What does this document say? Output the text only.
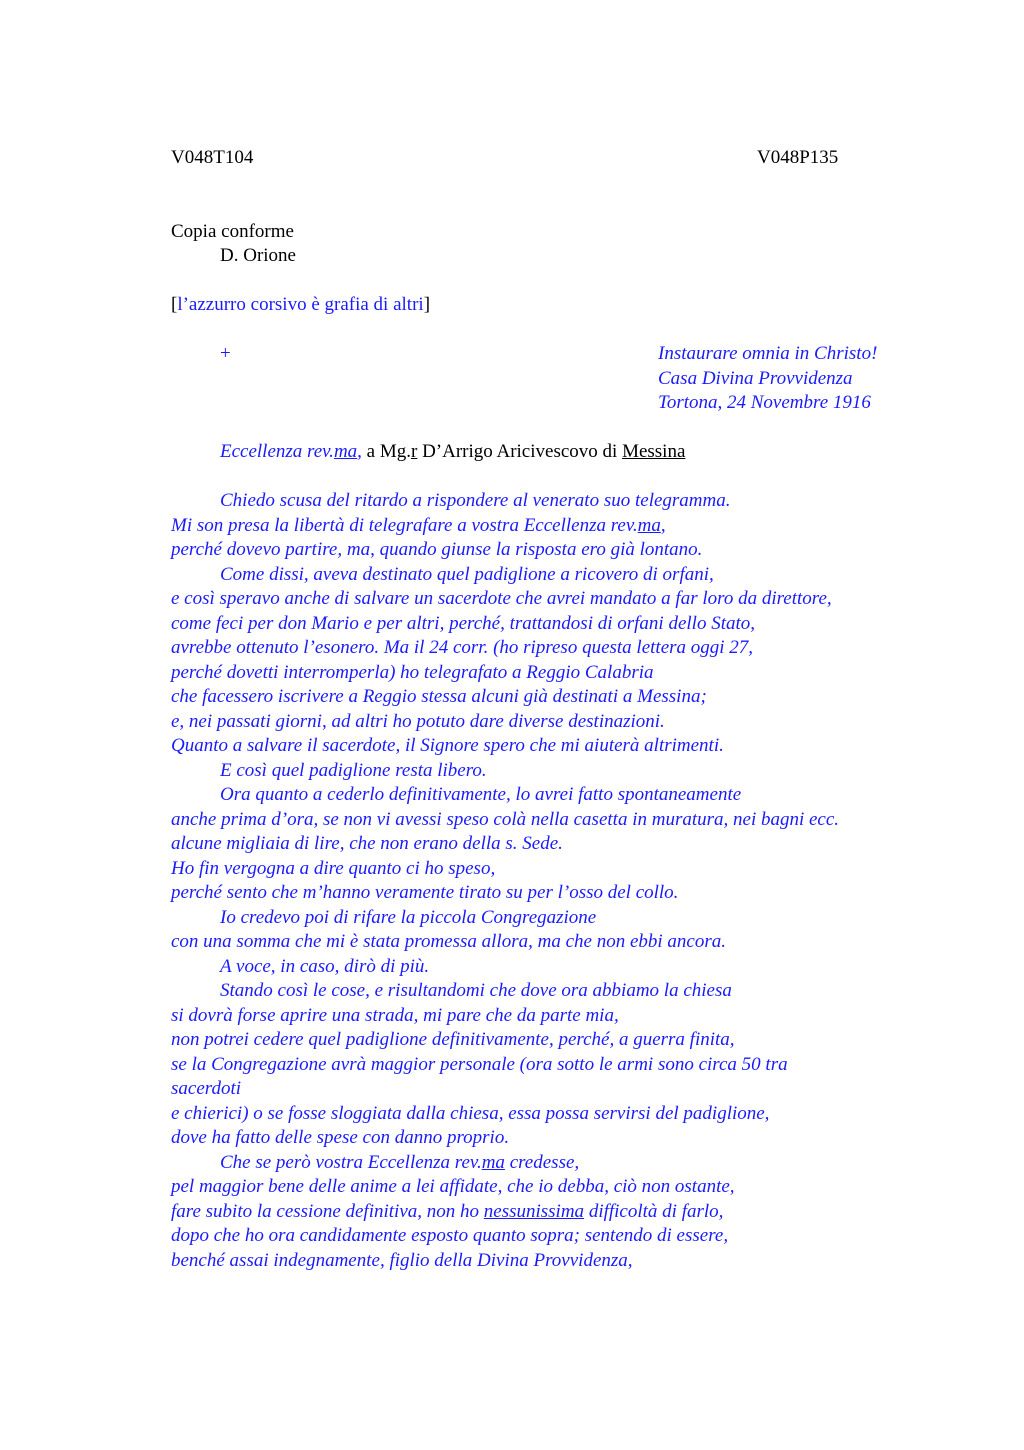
V048T104	V048P135
Copia conforme
D. Orione
[l’azzurro corsivo è grafia di altri]
+	Instaurare omnia in Christo!
Casa Divina Provvidenza
Tortona, 24 Novembre 1916
Eccellenza rev.ma, a Mg.r D’Arrigo Aricivescovo di Messina
Chiedo scusa del ritardo a rispondere al venerato suo telegramma.
Mi son presa la libertà di telegrafare a vostra Eccellenza rev.ma,
perché dovevo partire, ma, quando giunse la risposta ero già lontano.
Come dissi, aveva destinato quel padiglione a ricovero di orfani,
e così speravo anche di salvare un sacerdote che avrei mandato a far loro da direttore,
come feci per don Mario e per altri, perché, trattandosi di orfani dello Stato,
avrebbe ottenuto l’esonero. Ma il 24 corr. (ho ripreso questa lettera oggi 27,
perché dovetti interromperla) ho telegrafato a Reggio Calabria
che facessero iscrivere a Reggio stessa alcuni già destinati a Messina;
e, nei passati giorni, ad altri ho potuto dare diverse destinazioni.
Quanto a salvare il sacerdote, il Signore spero che mi aiuterà altrimenti.
E così quel padiglione resta libero.
Ora quanto a cederlo definitivamente, lo avrei fatto spontaneamente
anche prima d’ora, se non vi avessi speso colà nella casetta in muratura, nei bagni ecc.
alcune migliaia di lire, che non erano della s. Sede.
Ho fin vergogna a dire quanto ci ho speso,
perché sento che m’hanno veramente tirato su per l’osso del collo.
Io credevo poi di rifare la piccola Congregazione
con una somma che mi è stata promessa allora, ma che non ebbi ancora.
A voce, in caso, dirò di più.
Stando così le cose, e risultandomi che dove ora abbiamo la chiesa
si dovrà forse aprire una strada, mi pare che da parte mia,
non potrei cedere quel padiglione definitivamente, perché, a guerra finita,
se la Congregazione avrà maggior personale (ora sotto le armi sono circa 50 tra
sacerdoti
e chierici) o se fosse sloggiata dalla chiesa, essa possa servirsi del padiglione,
dove ha fatto delle spese con danno proprio.
Che se però vostra Eccellenza rev.ma credesse,
pel maggior bene delle anime a lei affidate, che io debba, ciò non ostante,
fare subito la cessione definitiva, non ho nessunissima difficoltà di farlo,
dopo che ho ora candidamente esposto quanto sopra; sentendo di essere,
benché assai indegnamente, figlio della Divina Provvidenza,
